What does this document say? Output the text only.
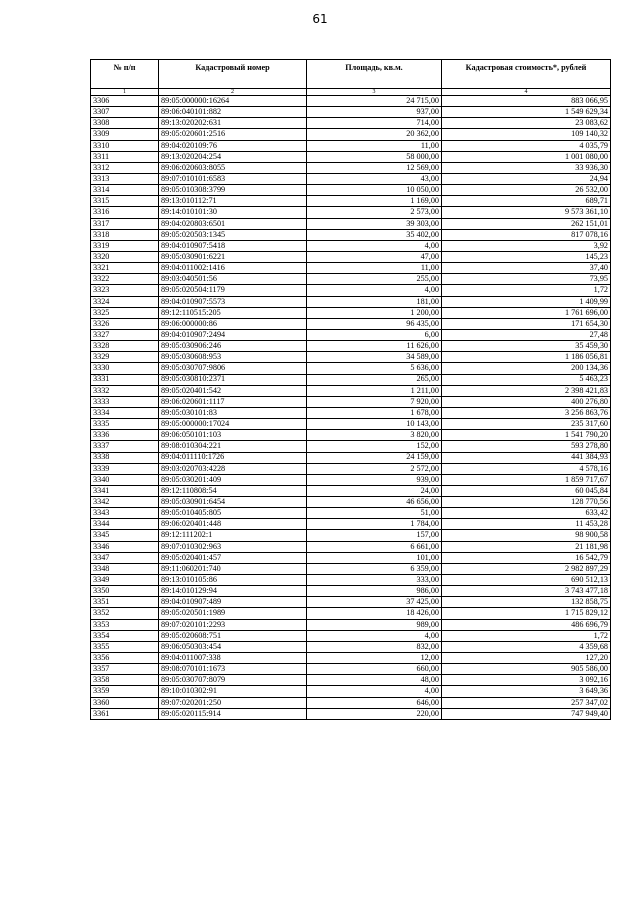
61
№ п/п	Кадастровый номер	Площадь, кв.м.	Кадастровая стоимость*, рублей
1	2	3	4
3306	89:05:000000:16264	24 715,00	883 066,95
3307	89:06:040101:882	937,00	1 549 629,34
3308	89:13:020202:631	714,00	23 083,62
3309	89:05:020601:2516	20 362,00	109 140,32
3310	89:04:020109:76	11,00	4 035,79
3311	89:13:020204:254	58 000,00	1 001 080,00
3312	89:06:020603:8055	12 569,00	33 936,30
3313	89:07:010101:6583	43,00	24,94
3314	89:05:010308:3799	10 050,00	26 532,00
3315	89:13:010112:71	1 169,00	689,71
3316	89:14:010101:30	2 573,00	9 573 361,10
3317	89:04:020803:6501	39 303,00	262 151,01
3318	89:05:020503:1345	35 402,00	817 078,16
3319	89:04:010907:5418	4,00	3,92
3320	89:05:030901:6221	47,00	145,23
3321	89:04:011002:1416	11,00	37,40
3322	89:03:040501:56	255,00	73,95
3323	89:05:020504:1179	4,00	1,72
3324	89:04:010907:5573	181,00	1 409,99
3325	89:12:110515:205	1 200,00	1 761 696,00
3326	89:06:000000:86	96 435,00	171 654,30
3327	89:04:010907:2494	6,00	27,48
3328	89:05:030906:246	11 626,00	35 459,30
3329	89:05:030608:953	34 589,00	1 186 056,81
3330	89:05:030707:9806	5 636,00	200 134,36
3331	89:05:030810:2371	265,00	5 463,23
3332	89:05:020401:542	1 211,00	2 398 421,83
3333	89:06:020601:1117	7 920,00	400 276,80
3334	89:05:030101:83	1 678,00	3 256 863,76
3335	89:05:000000:17024	10 143,00	235 317,60
3336	89:06:050101:103	3 820,00	1 541 790,20
3337	89:08:010304:221	152,00	593 278,80
3338	89:04:011110:1726	24 159,00	441 384,93
3339	89:03:020703:4228	2 572,00	4 578,16
3340	89:05:030201:409	939,00	1 859 717,67
3341	89:12:110808:54	24,00	60 045,84
3342	89:05:030901:6454	46 656,00	128 770,56
3343	89:05:010405:805	51,00	633,42
3344	89:06:020401:448	1 784,00	11 453,28
3345	89:12:111202:1	157,00	98 900,58
3346	89:07:010302:963	6 661,00	21 181,98
3347	89:05:020401:457	101,00	16 542,79
3348	89:11:060201:740	6 359,00	2 982 897,29
3349	89:13:010105:86	333,00	690 512,13
3350	89:14:010129:94	986,00	3 743 477,18
3351	89:04:010907:489	37 425,00	132 858,75
3352	89:05:020501:1989	18 426,00	1 715 829,12
3353	89:07:020101:2293	989,00	486 696,79
3354	89:05:020608:751	4,00	1,72
3355	89:06:050303:454	832,00	4 359,68
3356	89:04:011007:338	12,00	127,20
3357	89:08:070101:1673	660,00	905 586,00
3358	89:05:030707:8079	48,00	3 092,16
3359	89:10:010302:91	4,00	3 649,36
3360	89:07:020201:250	646,00	257 347,02
3361	89:05:020115:914	220,00	747 949,40
